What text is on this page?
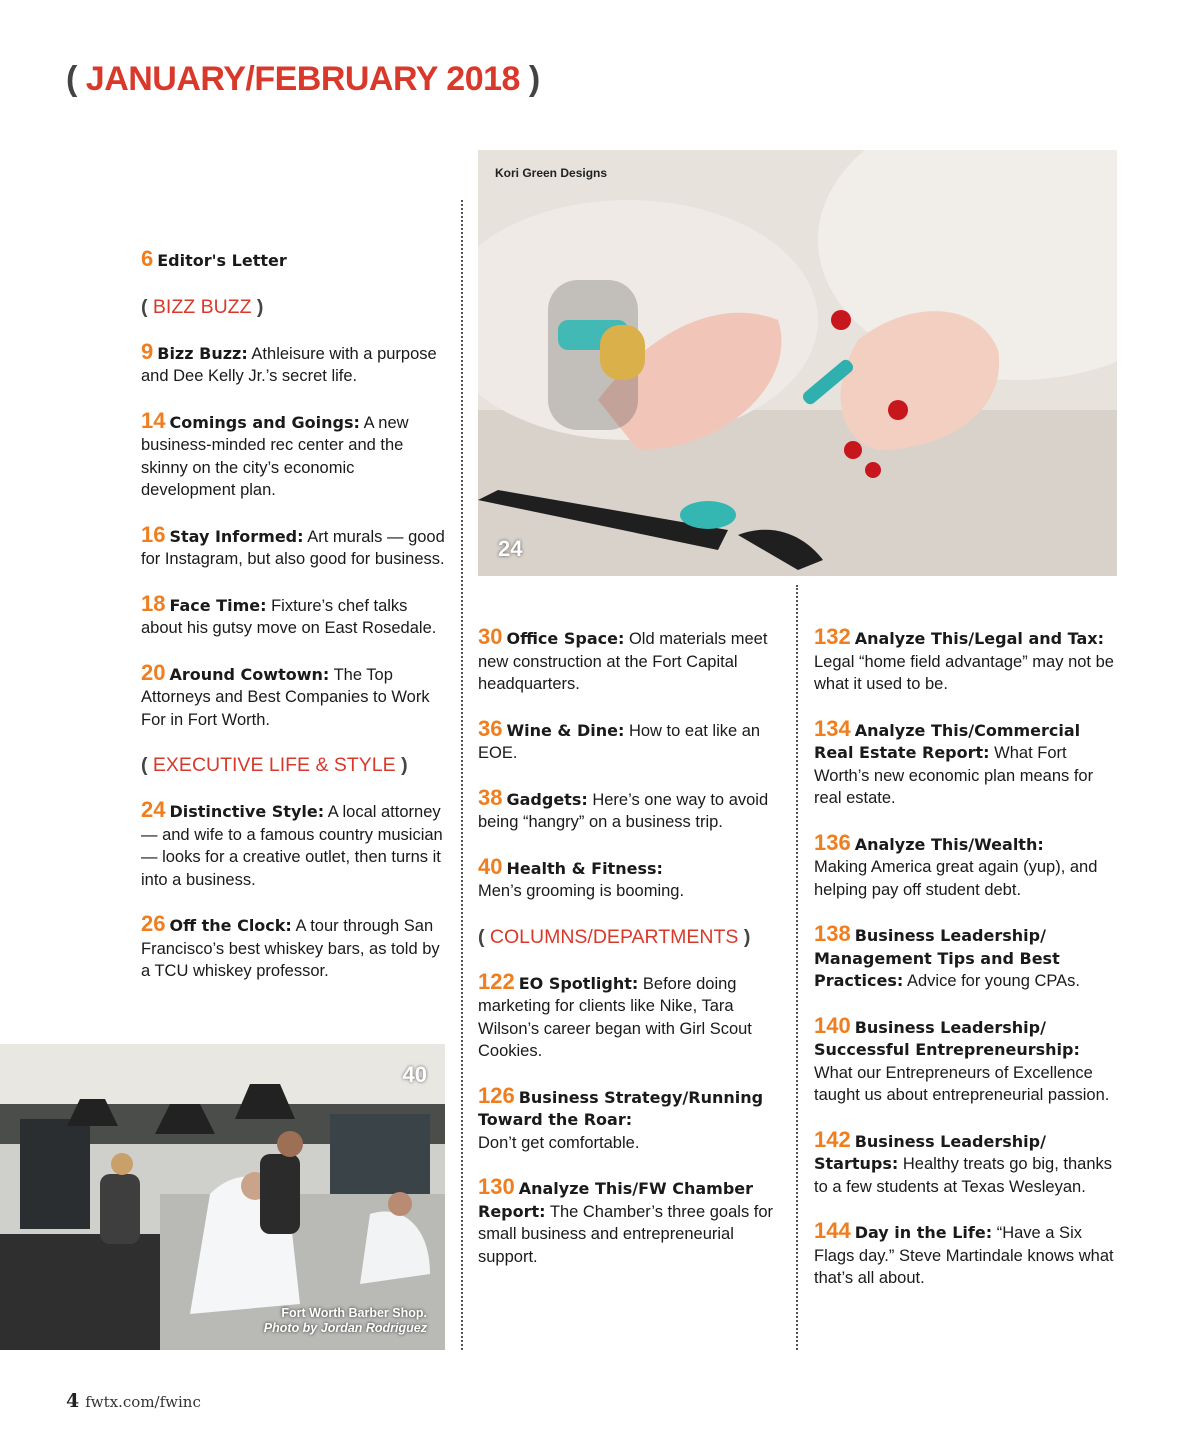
( JANUARY/FEBRUARY 2018 )
24
Kori Green Designs
40
Fort Worth Barber Shop.
Photo by Jordan Rodriguez

6 Editor's Letter

( BIZZ BUZZ )

9 Bizz Buzz: Athleisure with a purpose and Dee Kelly Jr.’s secret life.

14 Comings and Goings: A new business-minded rec center and the skinny on the city’s economic development plan.

16 Stay Informed: Art murals — good for Instagram, but also good for business.

18 Face Time: Fixture’s chef talks about his gutsy move on East Rosedale.

20 Around Cowtown: The Top Attorneys and Best Companies to Work For in Fort Worth.

( EXECUTIVE LIFE & STYLE )

24 Distinctive Style: A local attorney — and wife to a famous country musician — looks for a creative outlet, then turns it into a business.

26 Off the Clock: A tour through San Francisco’s best whiskey bars, as told by a TCU whiskey professor.

30 Office Space: Old materials meet new construction at the Fort Capital headquarters.

36 Wine & Dine: How to eat like an EOE.

38 Gadgets: Here’s one way to avoid being “hangry” on a business trip.

40 Health & Fitness:
Men’s grooming is booming.

( COLUMNS/DEPARTMENTS )

122 EO Spotlight: Before doing marketing for clients like Nike, Tara Wilson’s career began with Girl Scout Cookies.

126 Business Strategy/Running Toward the Roar:
Don’t get comfortable.

130 Analyze This/FW Chamber Report: The Chamber’s three goals for small business and entrepreneurial support.

132 Analyze This/Legal and Tax: Legal “home field advantage” may not be what it used to be.

134 Analyze This/Commercial Real Estate Report: What Fort Worth’s new economic plan means for real estate.

136 Analyze This/Wealth:
Making America great again (yup), and helping pay off student debt.

138 Business Leadership/ Management Tips and Best Practices: Advice for young CPAs.

140 Business Leadership/ Successful Entrepreneurship:
What our Entrepreneurs of Excellence taught us about entrepreneurial passion.

142 Business Leadership/ Startups: Healthy treats go big, thanks to a few students at Texas Wesleyan.

144 Day in the Life: “Have a Six Flags day.” Steve Martindale knows what that’s all about.

4 fwtx.com/fwinc
